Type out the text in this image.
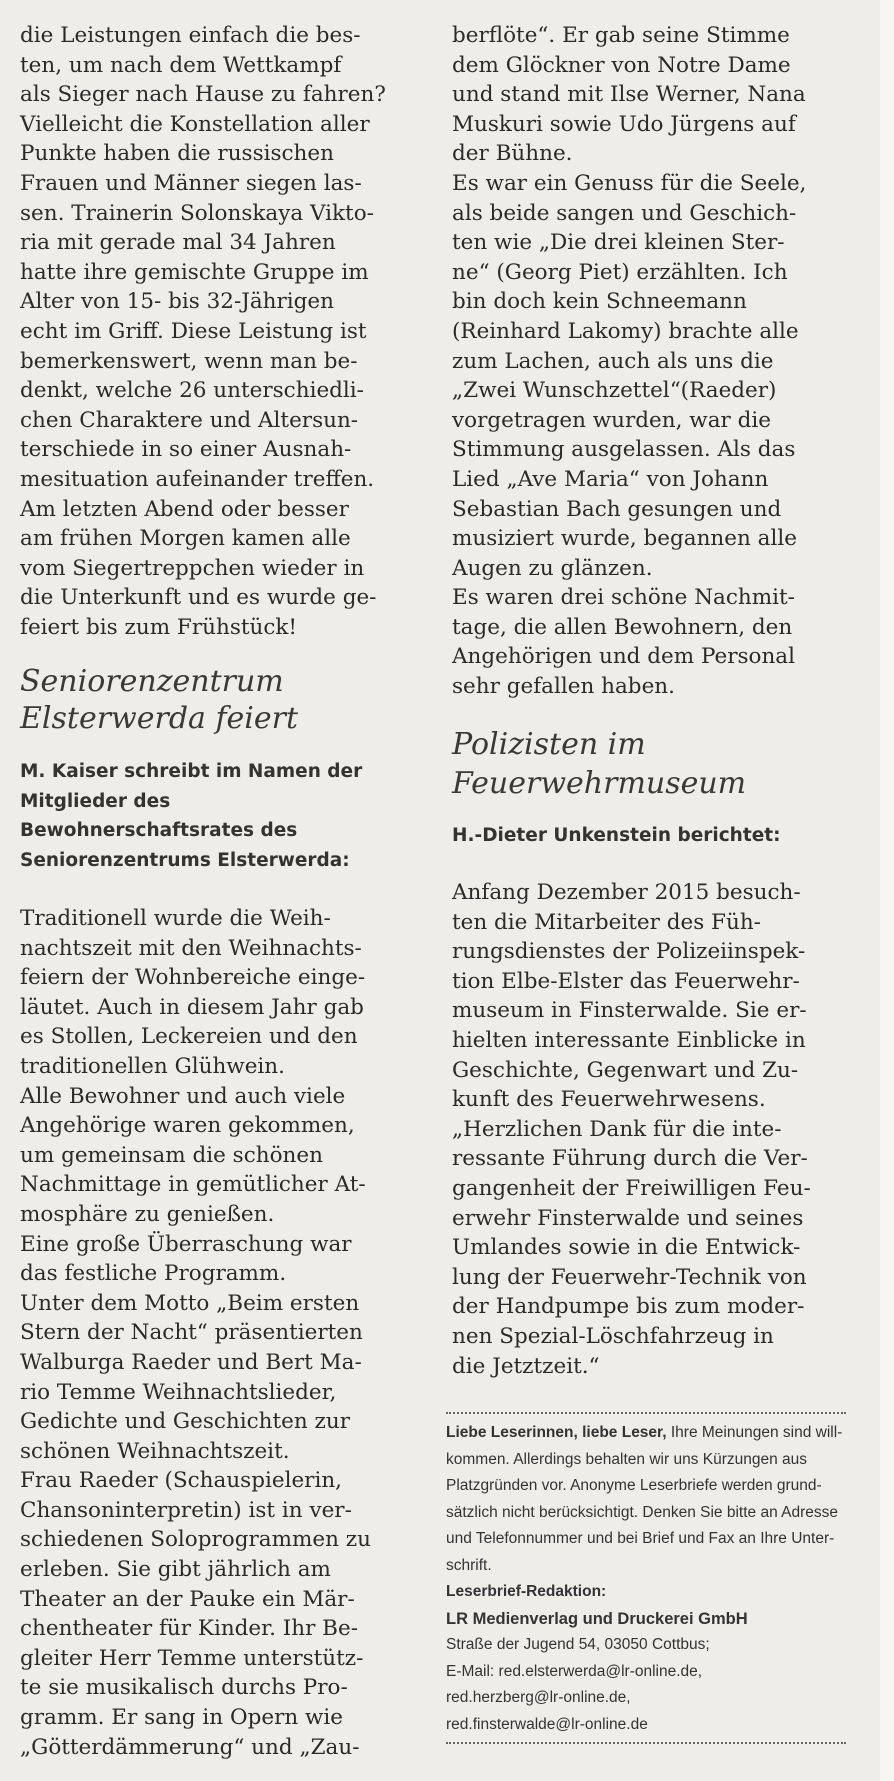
die Leistungen einfach die bes-
ten, um nach dem Wettkampf
als Sieger nach Hause zu fahren?
Vielleicht die Konstellation aller
Punkte haben die russischen
Frauen und Männer siegen las-
sen. Trainerin Solonskaya Vikto-
ria mit gerade mal 34 Jahren
hatte ihre gemischte Gruppe im
Alter von 15- bis 32-Jährigen
echt im Griff. Diese Leistung ist
bemerkenswert, wenn man be-
denkt, welche 26 unterschiedli-
chen Charaktere und Altersun-
terschiede in so einer Ausnah-
mesituation aufeinander treffen.
Am letzten Abend oder besser
am frühen Morgen kamen alle
vom Siegertreppchen wieder in
die Unterkunft und es wurde ge-
feiert bis zum Frühstück!
Seniorenzentrum
Elsterwerda feiert
M. Kaiser schreibt im Namen der
Mitglieder des
Bewohnerschaftsrates des
Seniorenzentrums Elsterwerda:
Traditionell wurde die Weih-
nachtszeit mit den Weihnachts-
feiern der Wohnbereiche einge-
läutet. Auch in diesem Jahr gab
es Stollen, Leckereien und den
traditionellen Glühwein.
Alle Bewohner und auch viele
Angehörige waren gekommen,
um gemeinsam die schönen
Nachmittage in gemütlicher At-
mosphäre zu genießen.
Eine große Überraschung war
das festliche Programm.
Unter dem Motto „Beim ersten
Stern der Nacht“ präsentierten
Walburga Raeder und Bert Ma-
rio Temme Weihnachtslieder,
Gedichte und Geschichten zur
schönen Weihnachtszeit.
Frau Raeder (Schauspielerin,
Chansoninterpretin) ist in ver-
schiedenen Soloprogrammen zu
erleben. Sie gibt jährlich am
Theater an der Pauke ein Mär-
chentheater für Kinder. Ihr Be-
gleiter Herr Temme unterstütz-
te sie musikalisch durchs Pro-
gramm. Er sang in Opern wie
„Götterdämmerung“ und „Zau-
berflöte“. Er gab seine Stimme
dem Glöckner von Notre Dame
und stand mit Ilse Werner, Nana
Muskuri sowie Udo Jürgens auf
der Bühne.
Es war ein Genuss für die Seele,
als beide sangen und Geschich-
ten wie „Die drei kleinen Ster-
ne“ (Georg Piet) erzählten. Ich
bin doch kein Schneemann
(Reinhard Lakomy) brachte alle
zum Lachen, auch als uns die
„Zwei Wunschzettel“(Raeder)
vorgetragen wurden, war die
Stimmung ausgelassen. Als das
Lied „Ave Maria“ von Johann
Sebastian Bach gesungen und
musiziert wurde, begannen alle
Augen zu glänzen.
Es waren drei schöne Nachmit-
tage, die allen Bewohnern, den
Angehörigen und dem Personal
sehr gefallen haben.
Polizisten im
Feuerwehrmuseum
H.-Dieter Unkenstein berichtet:
Anfang Dezember 2015 besuch-
ten die Mitarbeiter des Füh-
rungsdienstes der Polizeiinspek-
tion Elbe-Elster das Feuerwehr-
museum in Finsterwalde. Sie er-
hielten interessante Einblicke in
Geschichte, Gegenwart und Zu-
kunft des Feuerwehrwesens.
„Herzlichen Dank für die inte-
ressante Führung durch die Ver-
gangenheit der Freiwilligen Feu-
erwehr Finsterwalde und seines
Umlandes sowie in die Entwick-
lung der Feuerwehr-Technik von
der Handpumpe bis zum moder-
nen Spezial-Löschfahrzeug in
die Jetztzeit.“
Liebe Leserinnen, liebe Leser, Ihre Meinungen sind will-
kommen. Allerdings behalten wir uns Kürzungen aus
Platzgründen vor. Anonyme Leserbriefe werden grund-
sätzlich nicht berücksichtigt. Denken Sie bitte an Adresse
und Telefonnummer und bei Brief und Fax an Ihre Unter-
schrift.
Leserbrief-Redaktion:
LR Medienverlag und Druckerei GmbH
Straße der Jugend 54, 03050 Cottbus;
E-Mail: red.elsterwerda@lr-online.de,
red.herzberg@lr-online.de,
red.finsterwalde@lr-online.de
